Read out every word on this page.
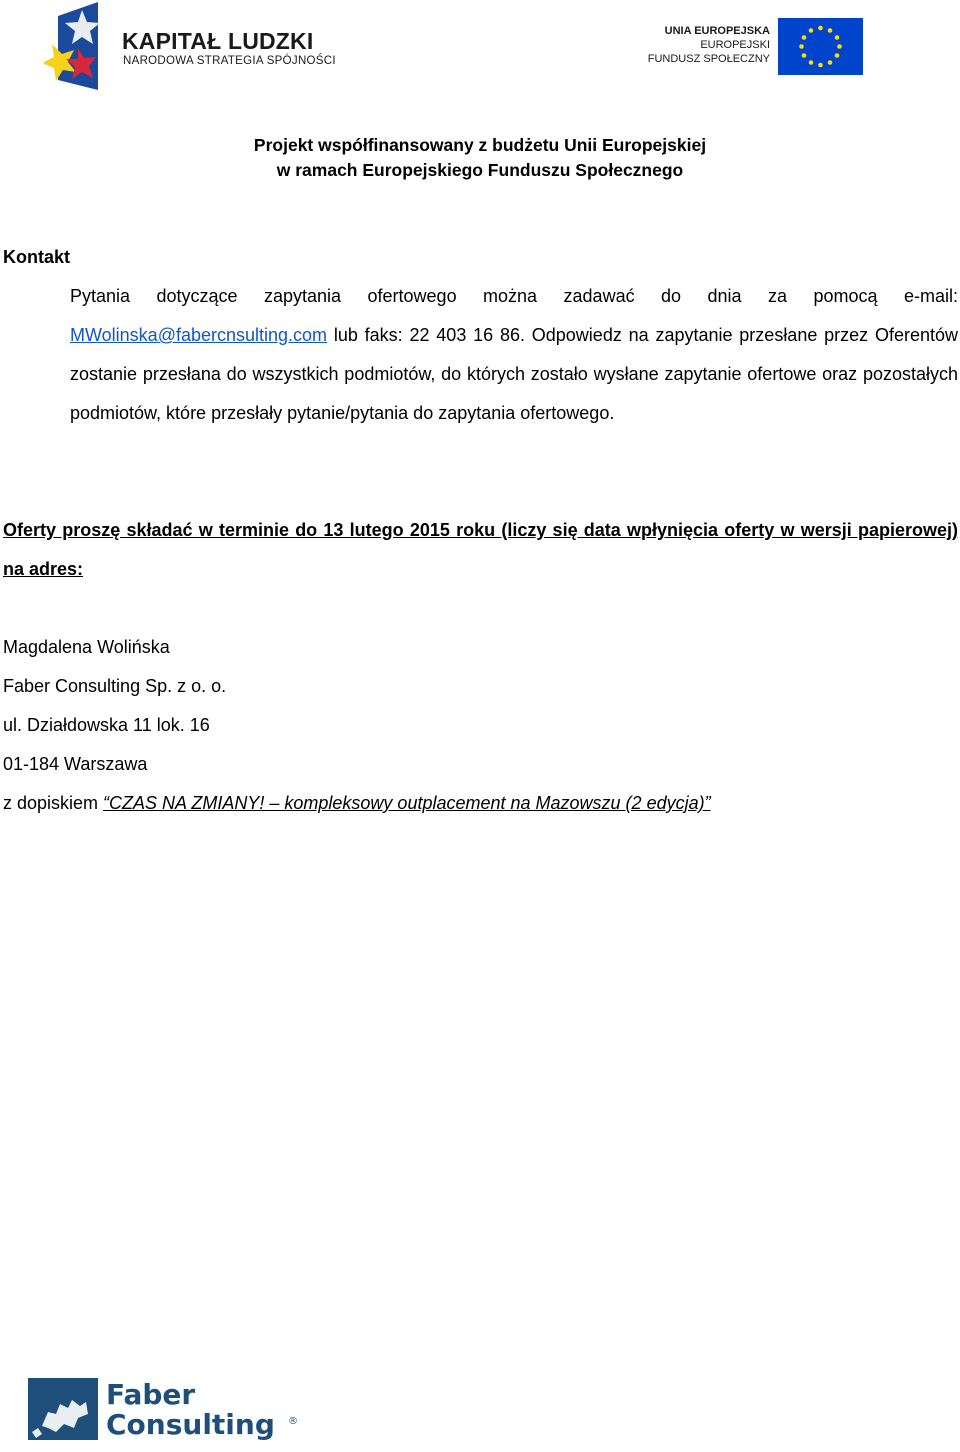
KAPITAŁ LUDZKI
NARODOWA STRATEGIA SPÓJNOŚCI
UNIA EUROPEJSKA
EUROPEJSKI
FUNDUSZ SPOŁECZNY
Projekt współfinansowany z budżetu Unii Europejskiej
w ramach Europejskiego Funduszu Społecznego
Kontakt
Pytania dotyczące zapytania ofertowego można zadawać do dnia za pomocą e-mail: MWolinska@fabercnsulting.com lub faks: 22 403 16 86. Odpowiedz na zapytanie przesłane przez Oferentów zostanie przesłana do wszystkich podmiotów, do których zostało wysłane zapytanie ofertowe oraz pozostałych podmiotów, które przesłały pytanie/pytania do zapytania ofertowego.
Oferty proszę składać w terminie do 13 lutego 2015 roku (liczy się data wpłynięcia oferty w wersji papierowej) na adres:
Magdalena Wolińska
Faber Consulting Sp. z o. o.
ul. Działdowska 11 lok. 16
01-184 Warszawa
z dopiskiem “CZAS NA ZMIANY! – kompleksowy outplacement na Mazowszu (2 edycja)”
Faber
Consulting ®
